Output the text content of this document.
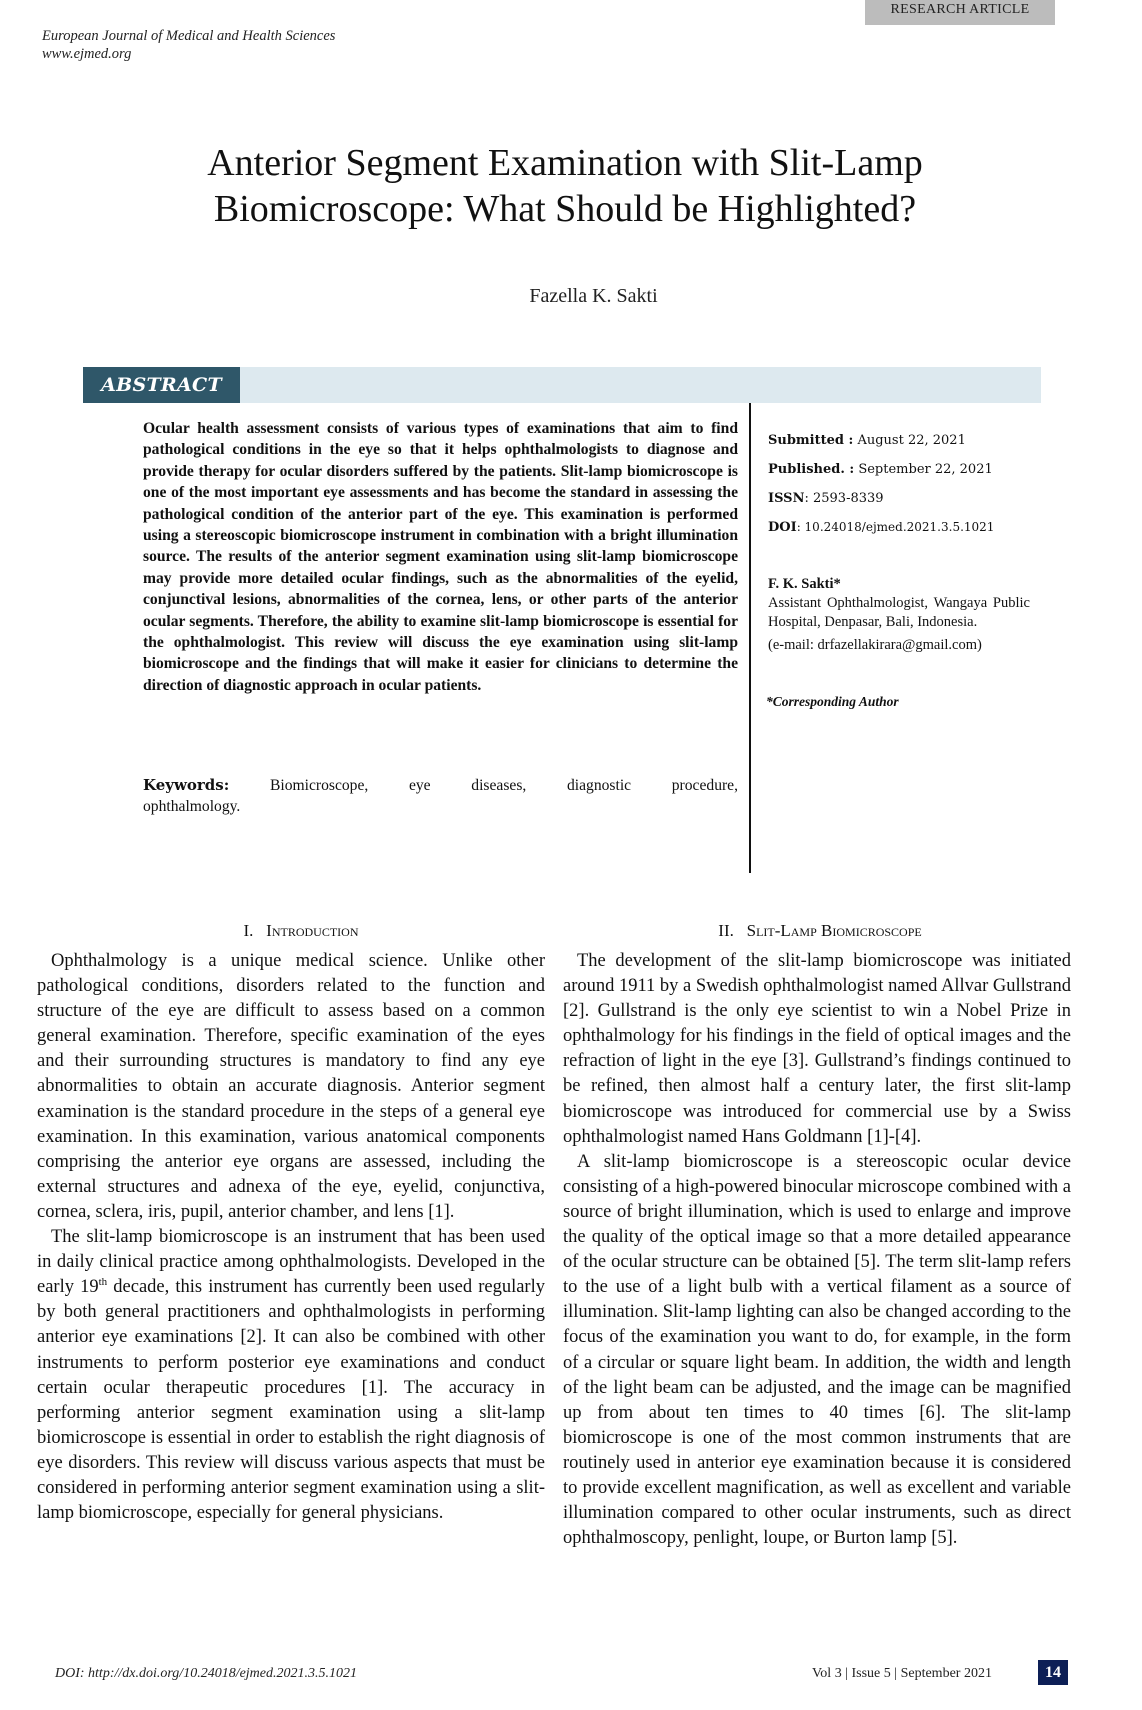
RESEARCH ARTICLE
European Journal of Medical and Health Sciences
www.ejmed.org
Anterior Segment Examination with Slit-Lamp
Biomicroscope: What Should be Highlighted?
Fazella K. Sakti
ABSTRACT
Ocular health assessment consists of various types of examinations that aim to find pathological conditions in the eye so that it helps ophthalmologists to diagnose and provide therapy for ocular disorders suffered by the patients. Slit-lamp biomicroscope is one of the most important eye assessments and has become the standard in assessing the pathological condition of the anterior part of the eye. This examination is performed using a stereoscopic biomicroscope instrument in combination with a bright illumination source. The results of the anterior segment examination using slit-lamp biomicroscope may provide more detailed ocular findings, such as the abnormalities of the eyelid, conjunctival lesions, abnormalities of the cornea, lens, or other parts of the anterior ocular segments. Therefore, the ability to examine slit-lamp biomicroscope is essential for the ophthalmologist. This review will discuss the eye examination using slit-lamp biomicroscope and the findings that will make it easier for clinicians to determine the direction of diagnostic approach in ocular patients.
Keywords:	Biomicroscope, eye diseases, diagnostic procedure, ophthalmology.
Submitted : August 22, 2021
Published. : September 22, 2021
ISSN: 2593-8339
DOI: 10.24018/ejmed.2021.3.5.1021
F. K. Sakti*
Assistant Ophthalmologist, Wangaya Public Hospital, Denpasar, Bali, Indonesia.
(e-mail: drfazellakirara@gmail.com)
*Corresponding Author
I. Introduction

Ophthalmology is a unique medical science. Unlike other pathological conditions, disorders related to the function and structure of the eye are difficult to assess based on a common general examination. Therefore, specific examination of the eyes and their surrounding structures is mandatory to find any eye abnormalities to obtain an accurate diagnosis. Anterior segment examination is the standard procedure in the steps of a general eye examination. In this examination, various anatomical components comprising the anterior eye organs are assessed, including the external structures and adnexa of the eye, eyelid, conjunctiva, cornea, sclera, iris, pupil, anterior chamber, and lens [1].

The slit-lamp biomicroscope is an instrument that has been used in daily clinical practice among ophthalmologists. Developed in the early 19th decade, this instrument has currently been used regularly by both general practitioners and ophthalmologists in performing anterior eye examinations [2]. It can also be combined with other instruments to perform posterior eye examinations and conduct certain ocular therapeutic procedures [1]. The accuracy in performing anterior segment examination using a slit-lamp biomicroscope is essential in order to establish the right diagnosis of eye disorders. This review will discuss various aspects that must be considered in performing anterior segment examination using a slit-lamp biomicroscope, especially for general physicians.

II. Slit-Lamp Biomicroscope

The development of the slit-lamp biomicroscope was initiated around 1911 by a Swedish ophthalmologist named Allvar Gullstrand [2]. Gullstrand is the only eye scientist to win a Nobel Prize in ophthalmology for his findings in the field of optical images and the refraction of light in the eye [3]. Gullstrand’s findings continued to be refined, then almost half a century later, the first slit-lamp biomicroscope was introduced for commercial use by a Swiss ophthalmologist named Hans Goldmann [1]-[4].

A slit-lamp biomicroscope is a stereoscopic ocular device consisting of a high-powered binocular microscope combined with a source of bright illumination, which is used to enlarge and improve the quality of the optical image so that a more detailed appearance of the ocular structure can be obtained [5]. The term slit-lamp refers to the use of a light bulb with a vertical filament as a source of illumination. Slit-lamp lighting can also be changed according to the focus of the examination you want to do, for example, in the form of a circular or square light beam. In addition, the width and length of the light beam can be adjusted, and the image can be magnified up from about ten times to 40 times [6]. The slit-lamp biomicroscope is one of the most common instruments that are routinely used in anterior eye examination because it is considered to provide excellent magnification, as well as excellent and variable illumination compared to other ocular instruments, such as direct ophthalmoscopy, penlight, loupe, or Burton lamp [5].

DOI: http://dx.doi.org/10.24018/ejmed.2021.3.5.1021	Vol 3 | Issue 5 | September 2021	14
